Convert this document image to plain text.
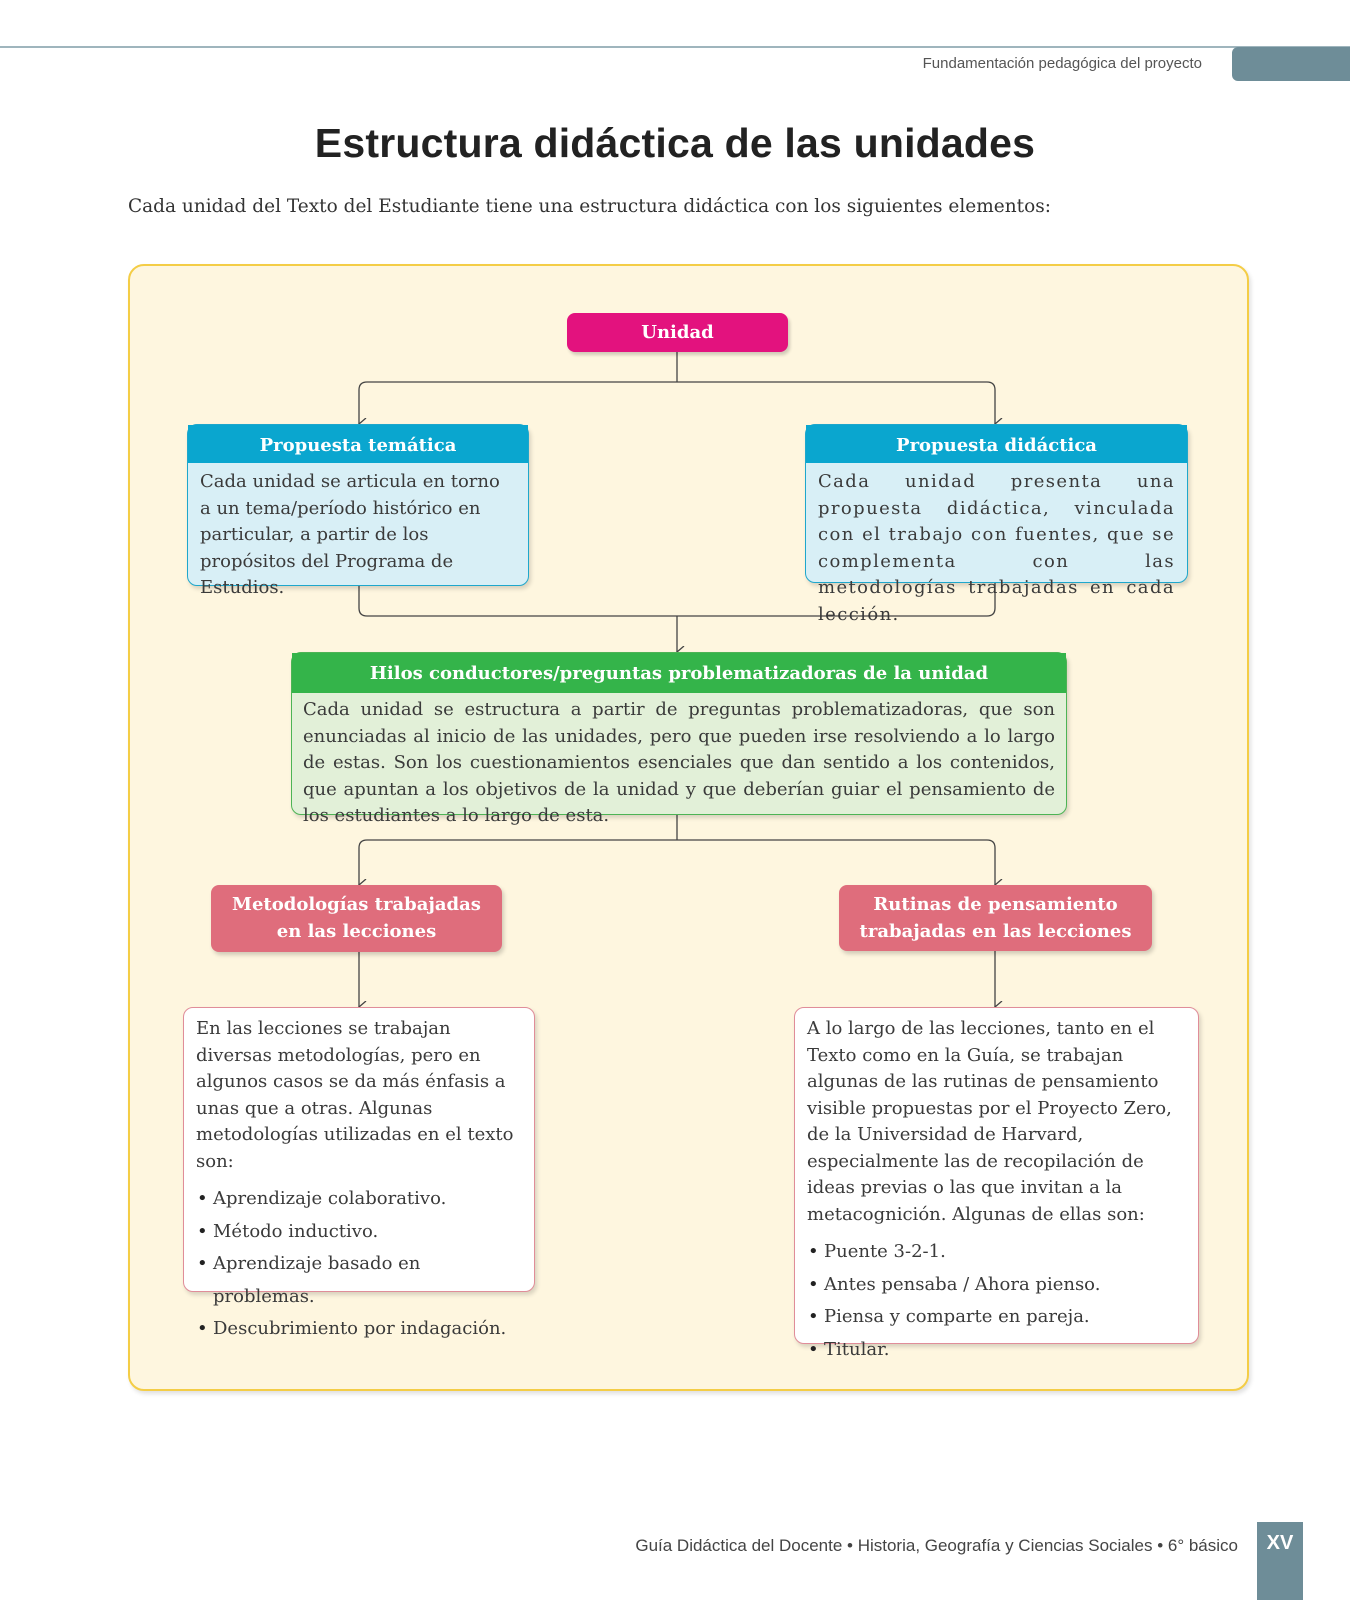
Fundamentación pedagógica del proyecto
Estructura didáctica de las unidades
Cada unidad del Texto del Estudiante tiene una estructura didáctica con los siguientes elementos:
Unidad
Propuesta temática
Cada unidad se articula en torno a un tema/período histórico en particular, a partir de los propósitos del Programa de Estudios.
Propuesta didáctica
Cada unidad presenta una propuesta didáctica, vinculada con el trabajo con fuentes, que se complementa con las metodologías trabajadas en cada lección.
Hilos conductores/preguntas problematizadoras de la unidad
Cada unidad se estructura a partir de preguntas problematizadoras, que son enunciadas al inicio de las unidades, pero que pueden irse resolviendo a lo largo de estas. Son los cuestionamientos esenciales que dan sentido a los contenidos, que apuntan a los objetivos de la unidad y que deberían guiar el pensamiento de los estudiantes a lo largo de esta.
Metodologías trabajadas
en las lecciones
Rutinas de pensamiento
trabajadas en las lecciones
En las lecciones se trabajan diversas metodologías, pero en algunos casos se da más énfasis a unas que a otras. Algunas metodologías utilizadas en el texto son:
• Aprendizaje colaborativo.
• Método inductivo.
• Aprendizaje basado en problemas.
• Descubrimiento por indagación.
A lo largo de las lecciones, tanto en el Texto como en la Guía, se trabajan algunas de las rutinas de pensamiento visible propuestas por el Proyecto Zero, de la Universidad de Harvard, especialmente las de recopilación de ideas previas o las que invitan a la metacognición. Algunas de ellas son:
• Puente 3-2-1.
• Antes pensaba / Ahora pienso.
• Piensa y comparte en pareja.
• Titular.
Guía Didáctica del Docente • Historia, Geografía y Ciencias Sociales • 6° básico	XV
